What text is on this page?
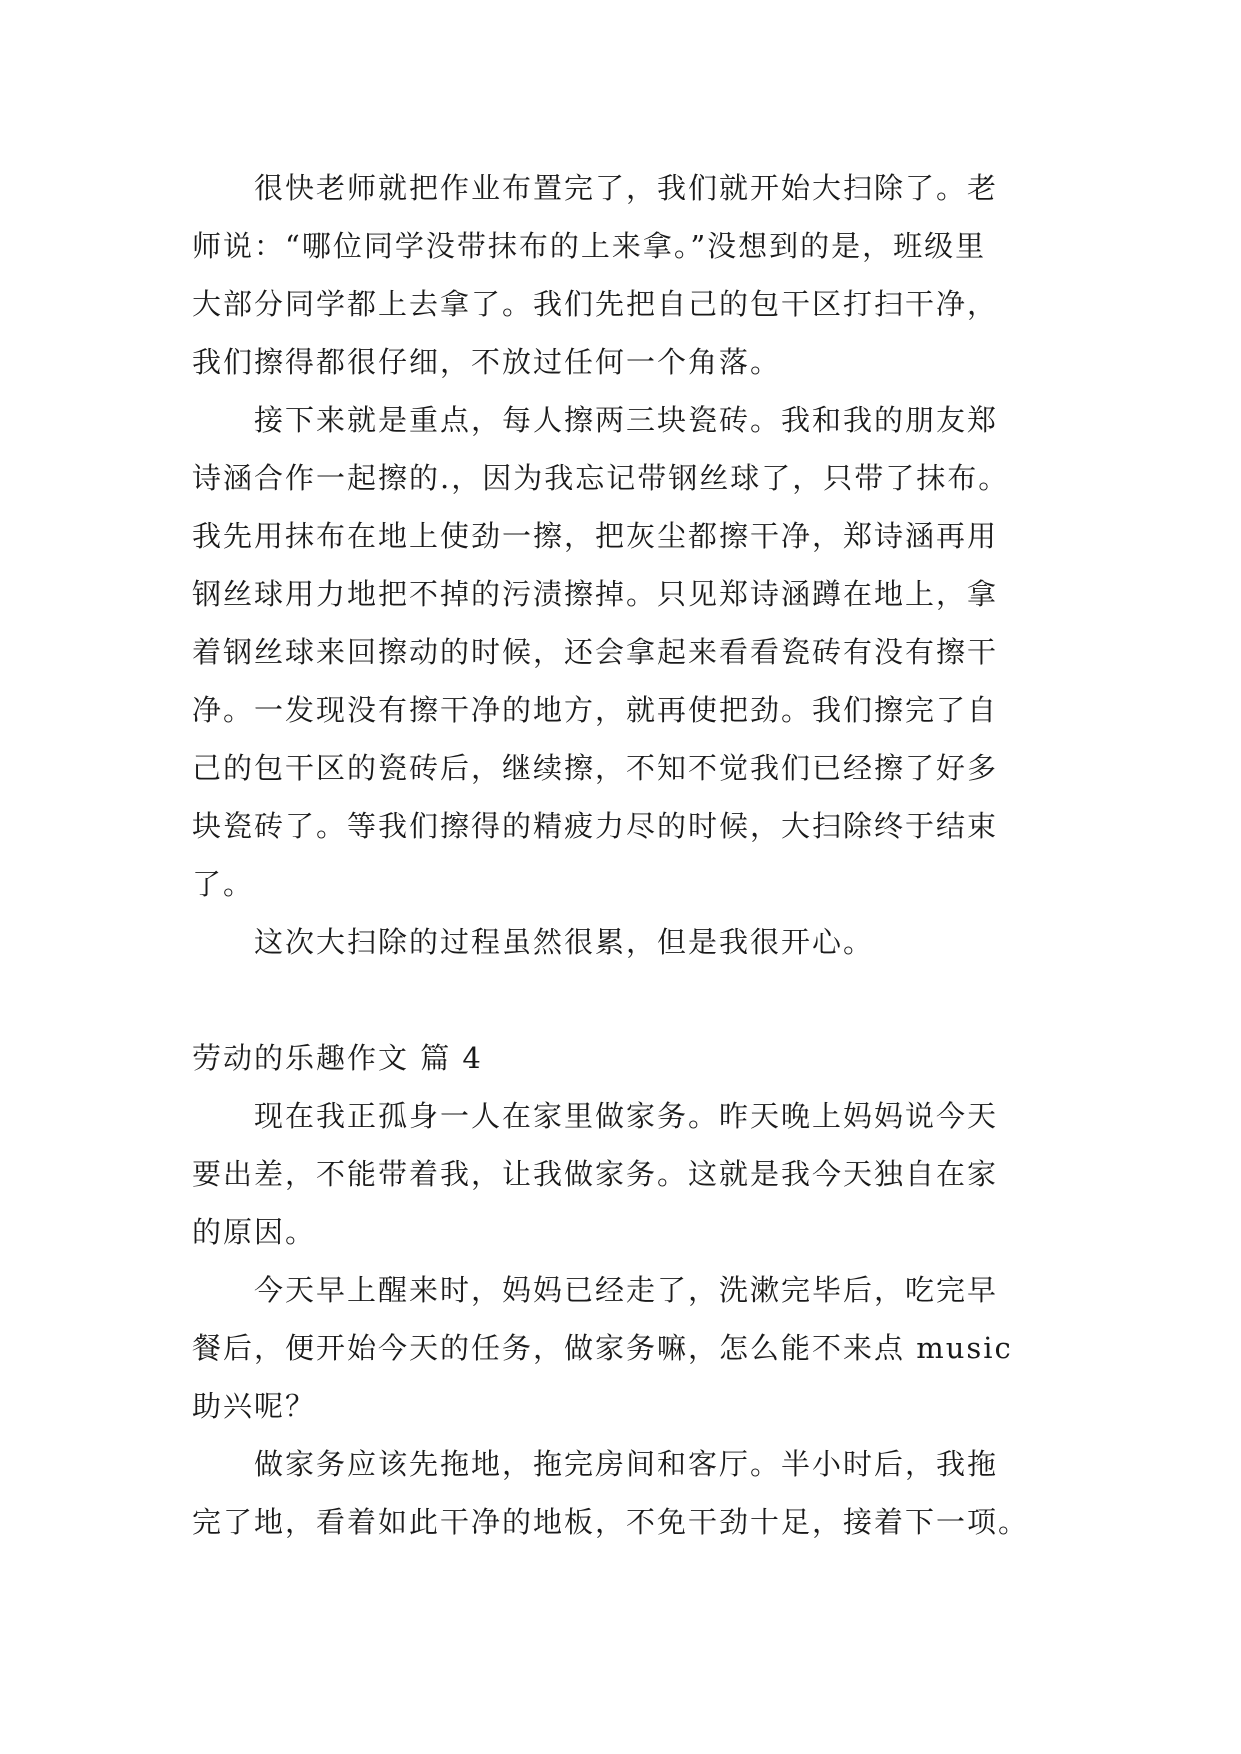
很快老师就把作业布置完了，我们就开始大扫除了。老
师说：“哪位同学没带抹布的上来拿。”没想到的是，班级里
大部分同学都上去拿了。我们先把自己的包干区打扫干净，
我们擦得都很仔细，不放过任何一个角落。
接下来就是重点，每人擦两三块瓷砖。我和我的朋友郑
诗涵合作一起擦的.，因为我忘记带钢丝球了，只带了抹布。
我先用抹布在地上使劲一擦，把灰尘都擦干净，郑诗涵再用
钢丝球用力地把不掉的污渍擦掉。只见郑诗涵蹲在地上，拿
着钢丝球来回擦动的时候，还会拿起来看看瓷砖有没有擦干
净。一发现没有擦干净的地方，就再使把劲。我们擦完了自
己的包干区的瓷砖后，继续擦，不知不觉我们已经擦了好多
块瓷砖了。等我们擦得的精疲力尽的时候，大扫除终于结束
了。
这次大扫除的过程虽然很累，但是我很开心。
劳动的乐趣作文 篇 4
现在我正孤身一人在家里做家务。昨天晚上妈妈说今天
要出差，不能带着我，让我做家务。这就是我今天独自在家
的原因。
今天早上醒来时，妈妈已经走了，洗漱完毕后，吃完早
餐后，便开始今天的任务，做家务嘛，怎么能不来点 music
助兴呢？
做家务应该先拖地，拖完房间和客厅。半小时后，我拖
完了地，看着如此干净的地板，不免干劲十足，接着下一项。
